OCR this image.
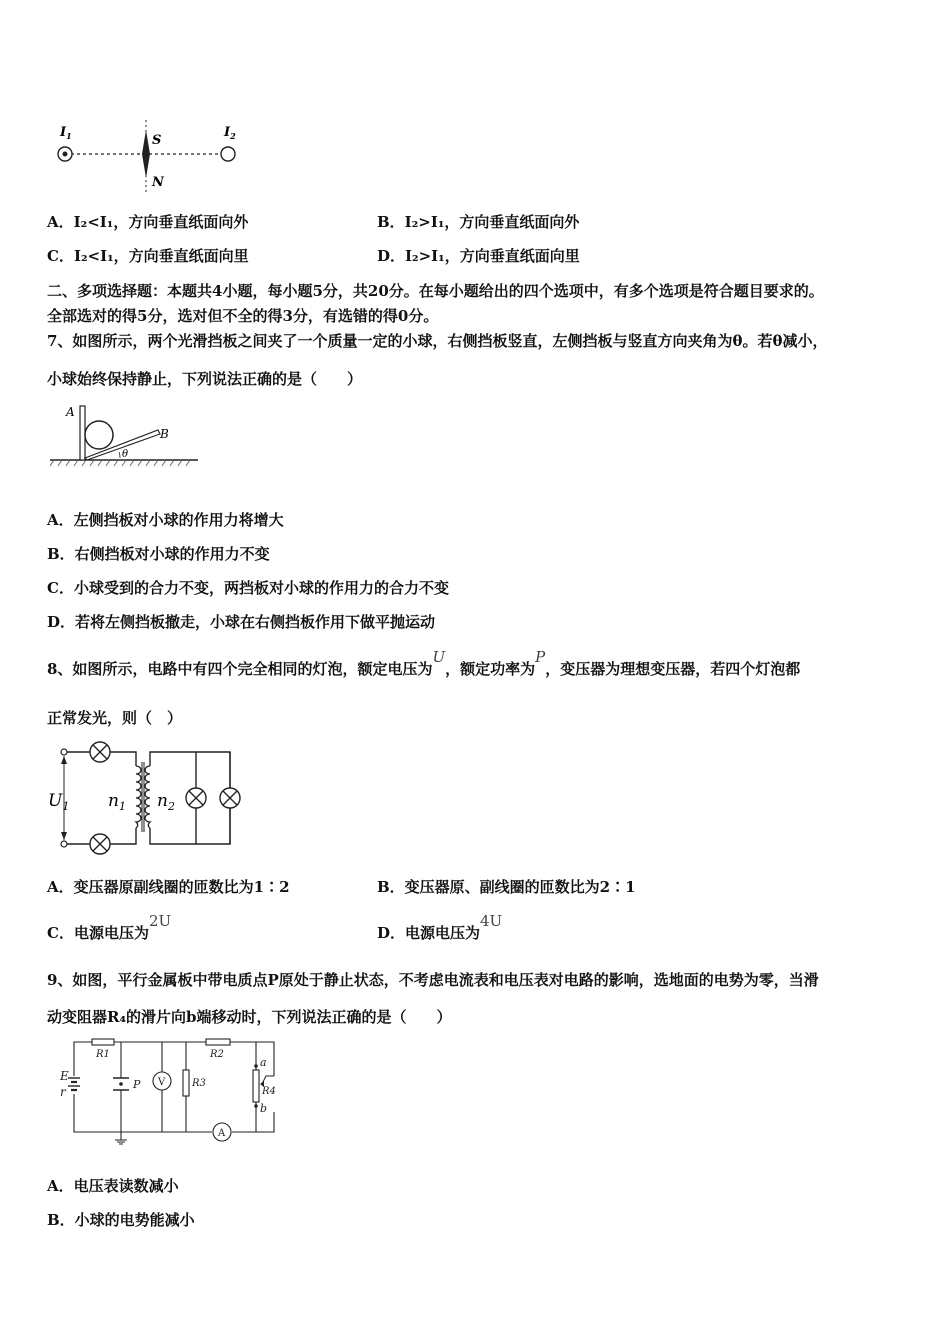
$I_1$	$I_2$
S
N
A．I₂<I₁，方向垂直纸面向外	B．I₂>I₁，方向垂直纸面向外
C．I₂<I₁，方向垂直纸面向里	D．I₂>I₁，方向垂直纸面向里
二、多项选择题：本题共4小题，每小题5分，共20分。在每小题给出的四个选项中，有多个选项是符合题目要求的。
全部选对的得5分，选对但不全的得3分，有选错的得0分。
7、如图所示，两个光滑挡板之间夹了一个质量一定的小球，右侧挡板竖直，左侧挡板与竖直方向夹角为θ。若θ减小，
小球始终保持静止，下列说法正确的是（　　）
A
B
θ
A．左侧挡板对小球的作用力将增大
B．右侧挡板对小球的作用力不变
C．小球受到的合力不变，两挡板对小球的作用力的合力不变
D．若将左侧挡板撤走，小球在右侧挡板作用下做平抛运动
8、如图所示，电路中有四个完全相同的灯泡，额定电压为U，额定功率为P，变压器为理想变压器，若四个灯泡都
正常发光，则（　）
$U_1$ $n_1$ $n_2$
A．变压器原副线圈的匝数比为1∶2	B．变压器原、副线圈的匝数比为2∶1
C．电源电压为2U
D．电源电压为4U
9、如图，平行金属板中带电质点P原处于静止状态，不考虑电流表和电压表对电路的影响，选地面的电势为零，当滑
动变阻器R₄的滑片向b端移动时，下列说法正确的是（　　）
R1	R2
R3
R4
E
r
P V
A
a
b
A．电压表读数减小
B．小球的电势能减小
